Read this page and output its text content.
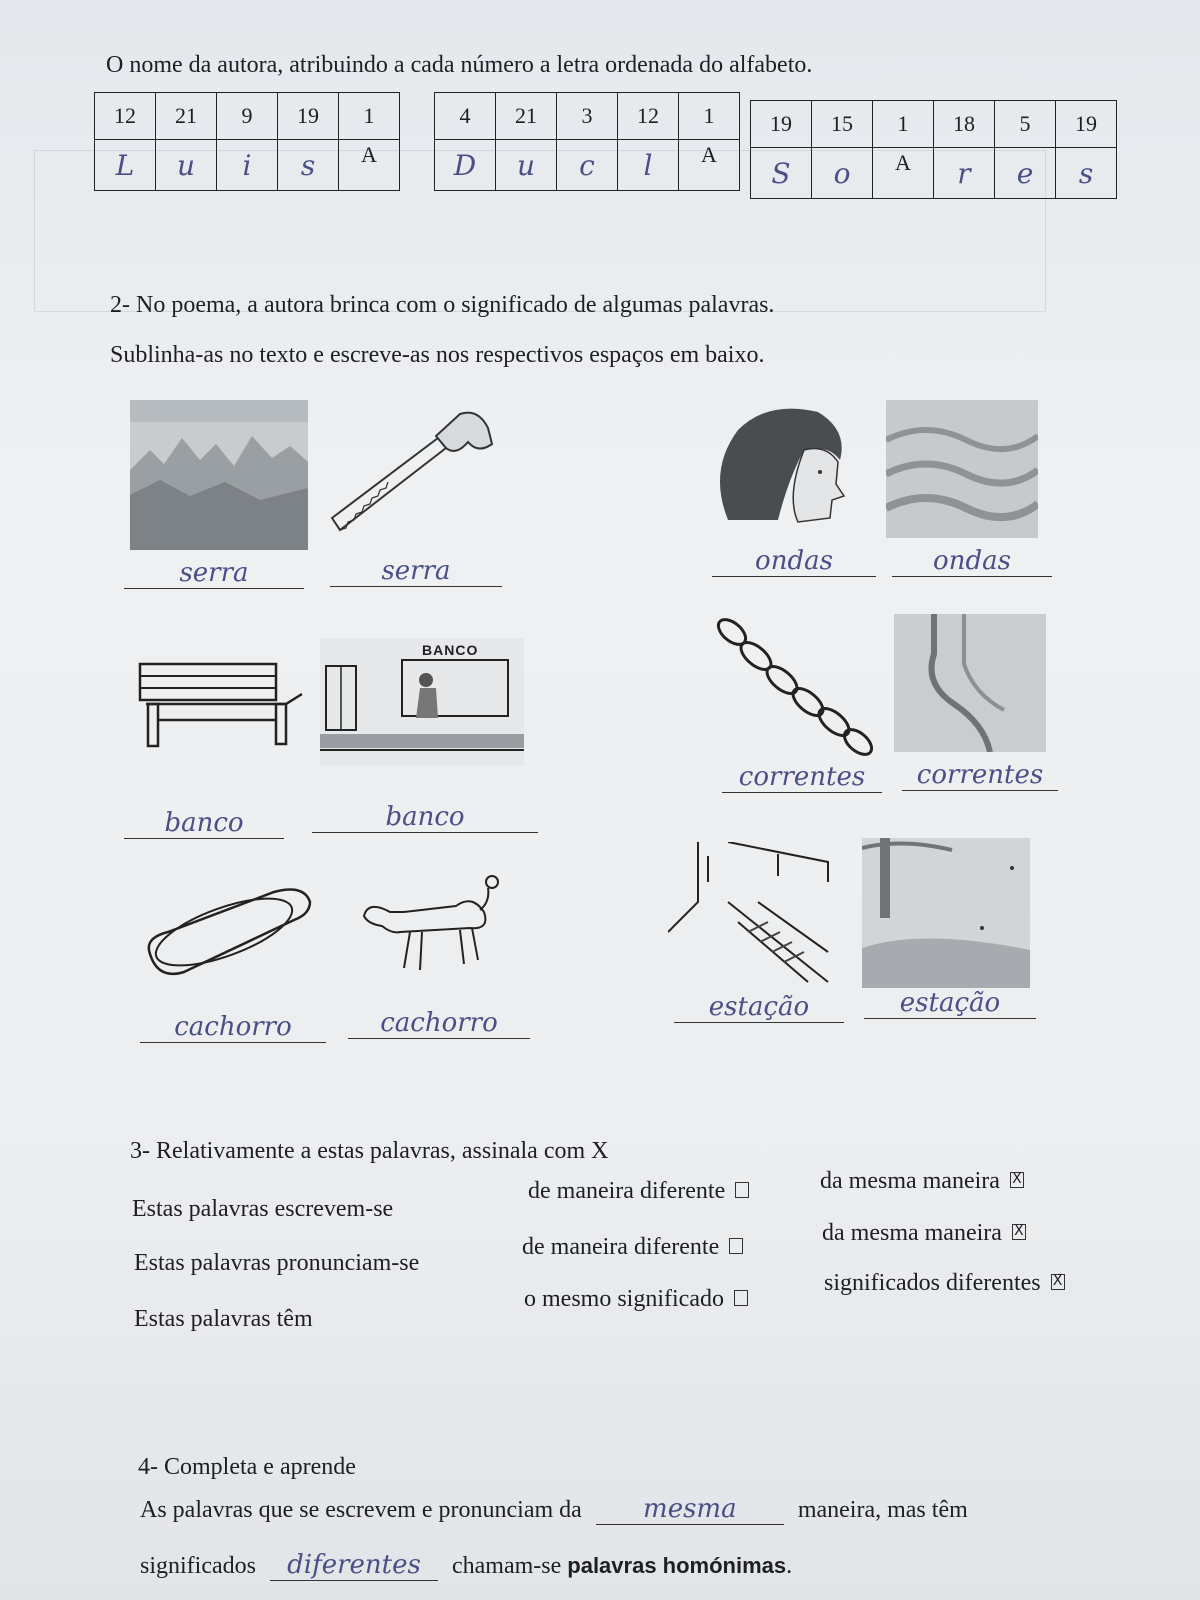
O nome da autora, atribuindo a cada número a letra ordenada do alfabeto.
12	21	9	19	1
L	u	i	s	A
4	21	3	12	1
D	u	c	l	A
19	15	1	18	5	19
S	o	A	r	e	s
2- No poema, a autora brinca com o significado de algumas palavras.
Sublinha-as no texto e escreve-as nos respectivos espaços em baixo.
serra	serra	ondas	ondas
BANCO
banco	banco
correntes	correntes
cachorro	cachorro
estação	estação
3- Relativamente a estas palavras, assinala com X
Estas palavras escrevem-se
de maneira diferente	da mesma maneira X
Estas palavras pronunciam-se
de maneira diferente
da mesma maneira X
Estas palavras têm
o mesmo significado
significados diferentes X
4- Completa e aprende
As palavras que se escrevem e pronunciam da mesma	maneira, mas têm
significados diferentes chamam-se palavras homónimas.
